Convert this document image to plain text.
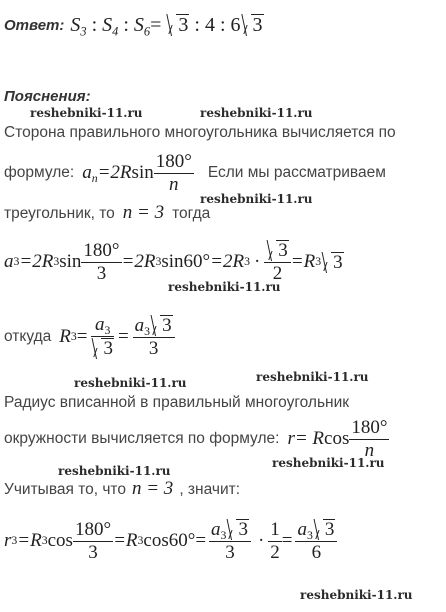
Ответ: $S_3$ : $S_4$ : $S_6= 3$ : 4 : 6 3
Пояснения:
reshebniki-11.ru	reshebniki-11.ru
reshebniki-11.ru
reshebniki-11.ru
reshebniki-11.ru	reshebniki-11.ru
reshebniki-11.ru
reshebniki-11.ru
Сторона правильного многоугольника вычисляется по
формуле: $a_n=2Rsin \frac{180^\circ}{n}$ Если мы рассматриваем
треугольник, то n = 3 тогда
a 3 =2R 3 $\sin \frac{180^\circ}{3} =2R$ 3 sin60° =2R $3 \cdot \frac{3}{2} =R$ 3 3
откуда R $3 = \frac{a_3}{3} = \frac{a_3 3}{3}$
Радиус вписанной в правильный многоугольник
окружности вычисляется по формуле: r= Rcos $\frac{180^\circ}{n}$
Учитывая то, что n = 3 , значит:
r 3 =R 3 $\cos \frac{180^\circ}{3} =R$ 3 $\cos 60^\circ = \frac{a_3 3}{3} \cdot \frac{1}{2} = \frac{a_3 3}{6}$
reshebniki-11.ru
